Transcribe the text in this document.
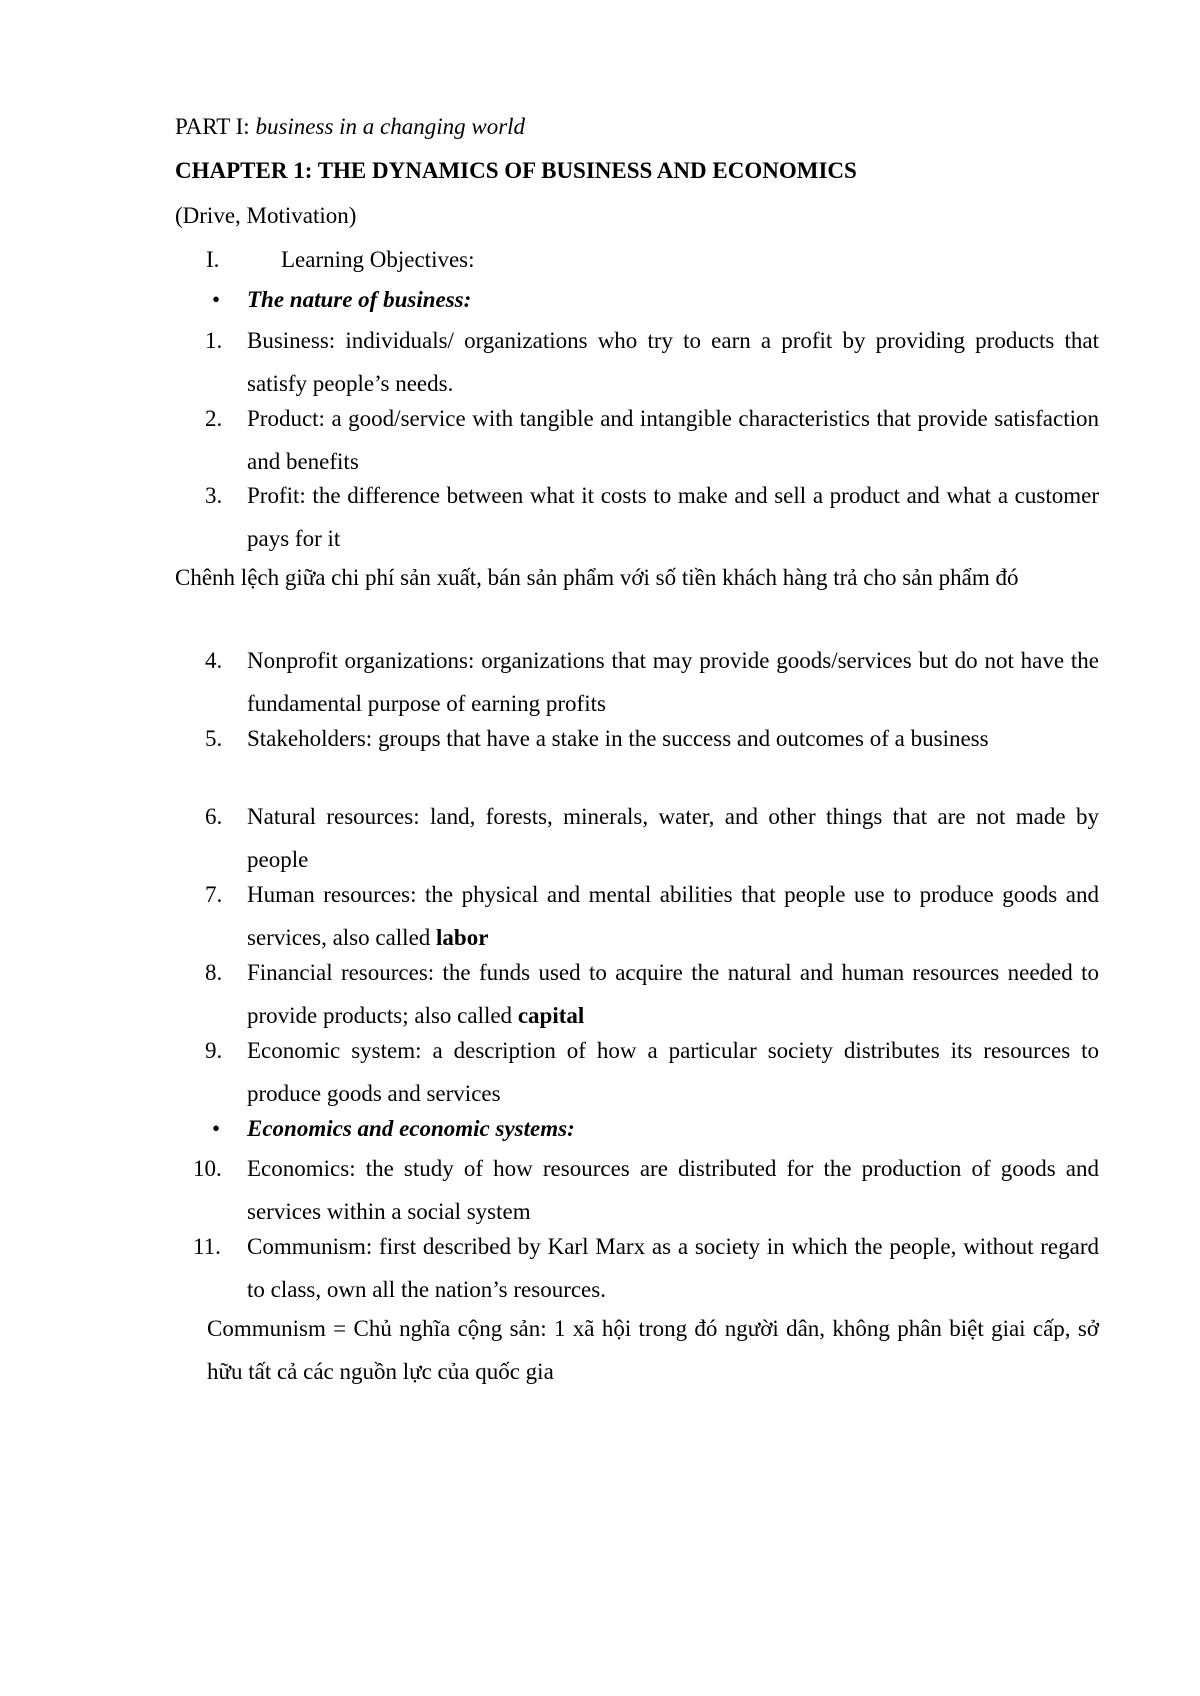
PART I: business in a changing world
CHAPTER 1: THE DYNAMICS OF BUSINESS AND ECONOMICS
(Drive, Motivation)
I.	Learning Objectives:
• The nature of business:
1. Business: individuals/ organizations who try to earn a profit by providing products that satisfy people’s needs.
2. Product: a good/service with tangible and intangible characteristics that provide satisfaction and benefits
3. Profit: the difference between what it costs to make and sell a product and what a customer pays for it
Chênh lệch giữa chi phí sản xuất, bán sản phẩm với số tiền khách hàng trả cho sản phẩm đó
4. Nonprofit organizations: organizations that may provide goods/services but do not have the fundamental purpose of earning profits
5. Stakeholders: groups that have a stake in the success and outcomes of a business
6. Natural resources: land, forests, minerals, water, and other things that are not made by people
7. Human resources: the physical and mental abilities that people use to produce goods and services, also called labor
8. Financial resources: the funds used to acquire the natural and human resources needed to provide products; also called capital
9. Economic system: a description of how a particular society distributes its resources to produce goods and services
• Economics and economic systems:
10. Economics: the study of how resources are distributed for the production of goods and services within a social system
11. Communism: first described by Karl Marx as a society in which the people, without regard to class, own all the nation’s resources.
Communism = Chủ nghĩa cộng sản: 1 xã hội trong đó người dân, không phân biệt giai cấp, sở hữu tất cả các nguồn lực của quốc gia
